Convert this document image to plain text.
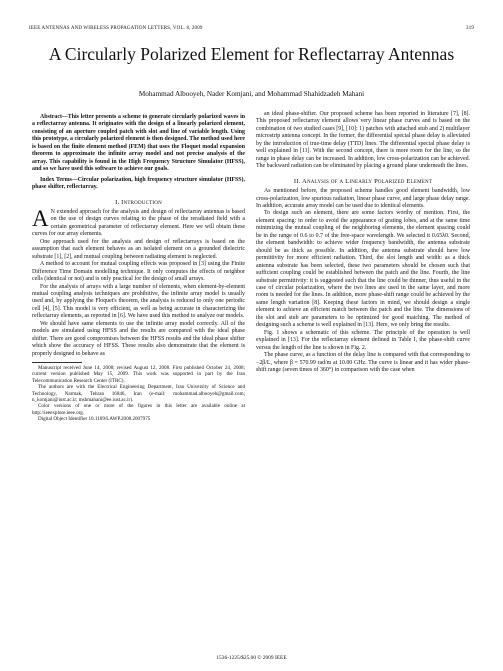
IEEE ANTENNAS AND WIRELESS PROPAGATION LETTERS, VOL. 8, 2009	319
A Circularly Polarized Element for Reflectarray Antennas
Mohammad Albooyeh, Nader Komjani, and Mohammad Shahidzadeh Mahani

Abstract—This letter presents a scheme to generate circularly polarized waves in a reflectarray antenna. It originates with the design of a linearly polarized element, consisting of an aperture coupled patch with slot and line of variable length. Using this prototype, a circularly polarized element is then designed. The method used here is based on the finite element method (FEM) that uses the Floquet modal expansion theorem to approximate the infinite array model and not precise analysis of the array. This capability is found in the High Frequency Structure Simulator (HFSS), and so we have used this software to achieve our goals.

Index Terms—Circular polarization, high frequency structure simulator (HFSS), phase shifter, reflectarray.

I. Introduction

A N extended approach for the analysis and design of reflectarray antennas is based on the use of design curves relating to the phase of the reradiated field with a certain geometrical parameter of reflectarray element. Here we will obtain these curves for our array elements.

One approach used for the analysis and design of reflectarrays is based on the assumption that each element behaves as an isolated element on a grounded dielectric substrate [1], [2], and mutual coupling between radiating element is neglected.

A method to account for mutual coupling effects was proposed in [3] using the Finite Difference Time Domain modelling technique. It only computes the effects of neighbor cells (identical or not) and is only practical for the design of small arrays.

For the analysis of arrays with a large number of elements, when element-by-element mutual coupling analysis techniques are prohibitive, the infinite array model is usually used and, by applying the Floquet's theorem, the analysis is reduced to only one periodic cell [4], [5]. This model is very efficient, as well as being accurate in characterizing the reflectarray elements, as reported in [6]. We have used this method to analyze our models.

We should have same elements to use the infinite array model correctly. All of the models are simulated using HFSS and the results are compared with the ideal phase shifter. There are good compromises between the HFSS results and the ideal phase shifter which show the accuracy of HFSS. These results also demonstrate that the element is properly designed to behave as

Manuscript received June 14, 2008; revised August 12, 2008. First published October 24, 2008; current version published May 15, 2009. This work was supported in part by the Iran Telecommunication Research Center (ITRC).

The authors are with the Electrical Engineering Department, Iran University of Science and Technology, Narmak, Tehran 16846, Iran (e-mail: mohammad.albooyeh@gmail.com; n_komjani@iust.ac.ir; mshmahani@ee.iust.ac.ir).

Color versions of one or more of the figures in this letter are available online at http://ieeexplore.ieee.org.

Digital Object Identifier 10.1109/LAWP.2008.2007975

an ideal phase-shifter. Our proposed scheme has been reported in literature [7], [8]. This proposed reflectarray element allows very linear phase curves and is based on the combination of two studied cases [9], [10]: 1) patches with attached stub and 2) multilayer microstrip antenna concept. In the former, the differential special phase delay is alleviated by the introduction of true-time delay (TTD) lines. The differential special phase delay is well explained in [11]. With the second concept, there is more room for the line, so the range in phase delay can be increased. In addition, low cross-polarization can be achieved. The backward radiation can be eliminated by placing a ground plane underneath the lines.

II. Analysis of a Linearly Polarized Element

As mentioned before, the proposed scheme handles good element bandwidth, low cross-polarization, low spurious radiation, linear phase curve, and large phase delay range. In addition, accurate array model can be used due to identical elements.

To design such an element, there are some factors worthy of mention. First, the element spacing: in order to avoid the appearance of grating lobes, and at the same time minimizing the mutual coupling of the neighboring elements, the element spacing could be in the range of 0.6 to 0.7 of the free-space wavelength. We selected it 0.65λ0. Second, the element bandwidth: to achieve wider frequency bandwidth, the antenna substrate should be as thick as possible. In addition, the antenna substrate should have low permittivity for more efficient radiation. Third, the slot length and width: as a thick antenna substrate has been selected, these two parameters should be chosen such that sufficient coupling could be established between the patch and the line. Fourth, the line substrate permittivity: it is suggested such that the line could be thinner, thus useful in the case of circular polarization, where the two lines are used in the same layer, and more room is needed for the lines. In addition, more phase-shift range could be achieved by the same length variation [8]. Keeping these factors in mind, we should design a single element to achieve an efficient match between the patch and the line. The dimensions of the slot and stub are parameters to be optimized for good matching. The method of designing such a scheme is well explained in [13]. Here, we only bring the results.

Fig. 1 shows a schematic of this scheme. The principle of the operation is well explained in [13]. For the reflectarray element defined in Table I, the phase-shift curve versus the length of the line is shown in Fig. 2.

The phase curve, as a function of the delay line is compared with that corresponding to −2β/L, where β = 570.99 rad/m at 10.00 GHz. The curve is linear and it has wider phase-shift range (seven times of 360°) in comparison with the case when

1536-1225/$25.00 © 2009 IEEE
